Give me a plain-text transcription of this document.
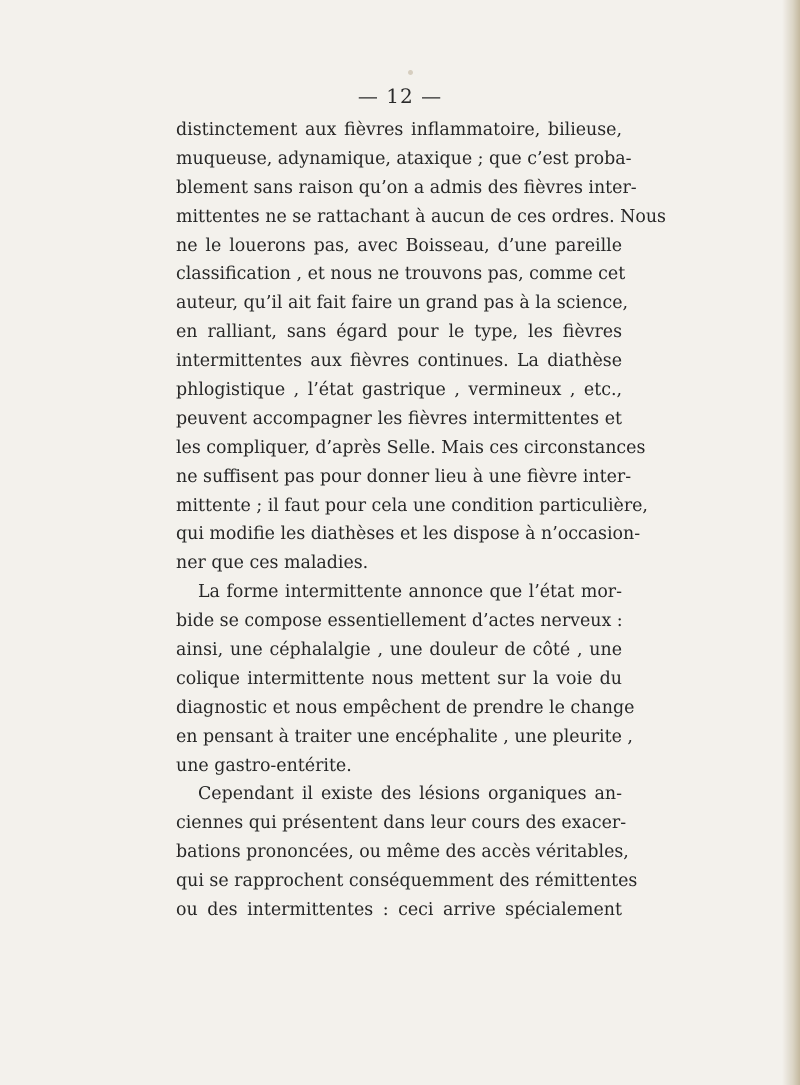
— 12 —
distinctement aux fièvres inflammatoire, bilieuse,
muqueuse, adynamique, ataxique ; que c’est proba-
blement sans raison qu’on a admis des fièvres inter-
mittentes ne se rattachant à aucun de ces ordres. Nous
ne le louerons pas, avec Boisseau, d’une pareille
classification , et nous ne trouvons pas, comme cet
auteur, qu’il ait fait faire un grand pas à la science,
en ralliant, sans égard pour le type, les fièvres
intermittentes aux fièvres continues. La diathèse
phlogistique , l’état gastrique , vermineux , etc.,
peuvent accompagner les fièvres intermittentes et
les compliquer, d’après Selle. Mais ces circonstances
ne suffisent pas pour donner lieu à une fièvre inter-
mittente ; il faut pour cela une condition particulière,
qui modifie les diathèses et les dispose à n’occasion-
ner que ces maladies.
La forme intermittente annonce que l’état mor-
bide se compose essentiellement d’actes nerveux :
ainsi, une céphalalgie , une douleur de côté , une
colique intermittente nous mettent sur la voie du
diagnostic et nous empêchent de prendre le change
en pensant à traiter une encéphalite , une pleurite ,
une gastro-entérite.
Cependant il existe des lésions organiques an-
ciennes qui présentent dans leur cours des exacer-
bations prononcées, ou même des accès véritables,
qui se rapprochent conséquemment des rémittentes
ou des intermittentes : ceci arrive spécialement
